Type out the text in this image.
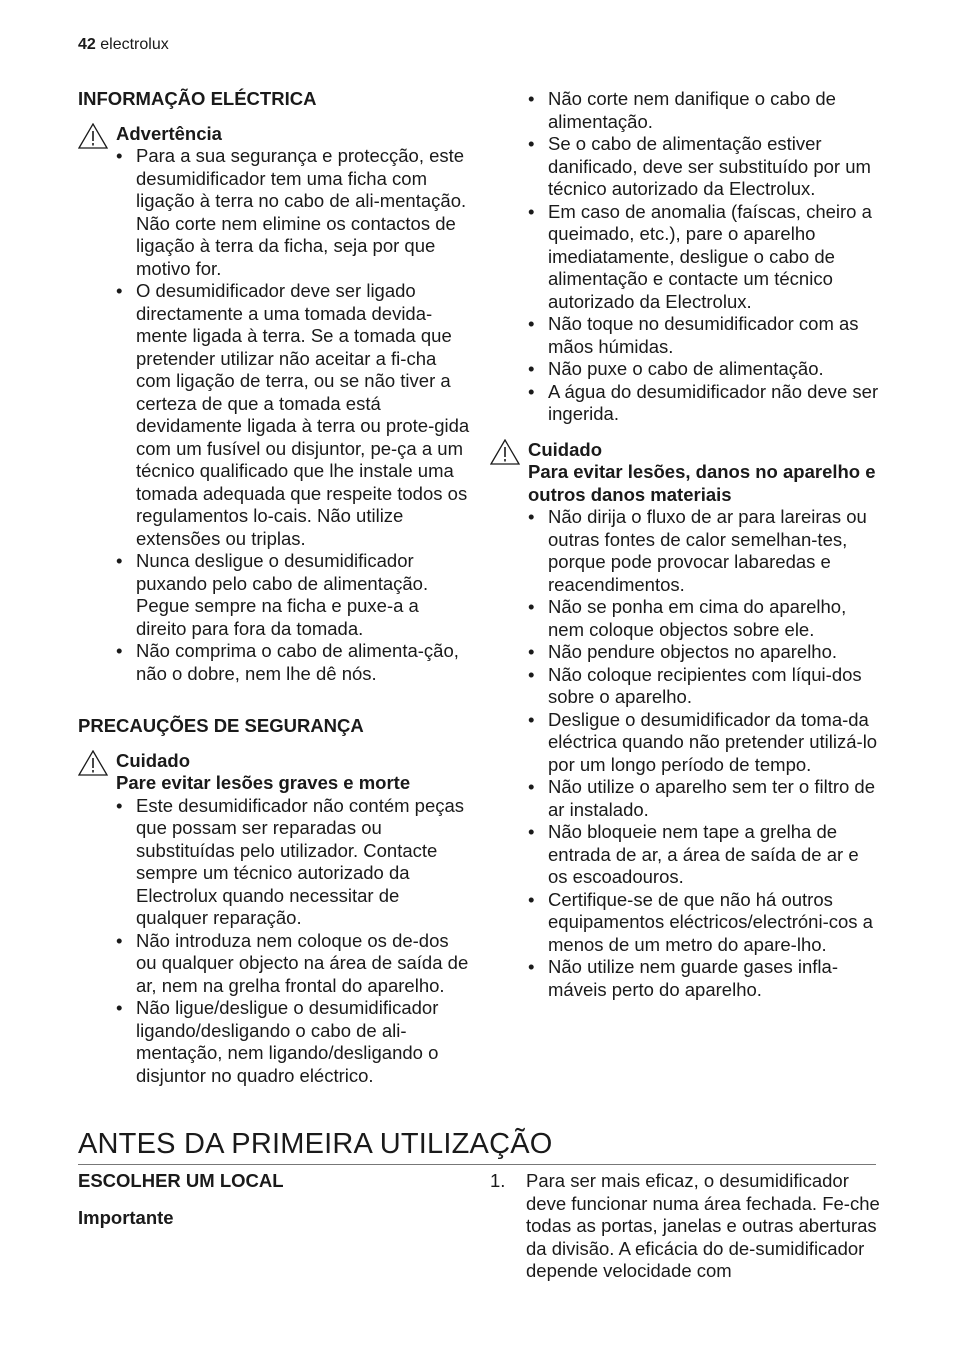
42 electrolux
INFORMAÇÃO ELÉCTRICA
Advertência
• Para a sua segurança e protecção, este desumidificador tem uma ficha com ligação à terra no cabo de ali-mentação. Não corte nem elimine os contactos de ligação à terra da ficha, seja por que motivo for.
• O desumidificador deve ser ligado directamente a uma tomada devida-mente ligada à terra. Se a tomada que pretender utilizar não aceitar a fi-cha com ligação de terra, ou se não tiver a certeza de que a tomada está devidamente ligada à terra ou prote-gida com um fusível ou disjuntor, pe-ça a um técnico qualificado que lhe instale uma tomada adequada que respeite todos os regulamentos lo-cais. Não utilize extensões ou triplas.
• Nunca desligue o desumidificador puxando pelo cabo de alimentação. Pegue sempre na ficha e puxe-a a direito para fora da tomada.
• Não comprima o cabo de alimenta-ção, não o dobre, nem lhe dê nós.
PRECAUÇÕES DE SEGURANÇA
Cuidado
Pare evitar lesões graves e morte
• Este desumidificador não contém peças que possam ser reparadas ou substituídas pelo utilizador. Contacte sempre um técnico autorizado da Electrolux quando necessitar de qualquer reparação.
• Não introduza nem coloque os de-dos ou qualquer objecto na área de saída de ar, nem na grelha frontal do aparelho.
• Não ligue/desligue o desumidificador ligando/desligando o cabo de ali-mentação, nem ligando/desligando o disjuntor no quadro eléctrico.
• Não corte nem danifique o cabo de alimentação.
• Se o cabo de alimentação estiver danificado, deve ser substituído por um técnico autorizado da Electrolux.
• Em caso de anomalia (faíscas, cheiro a queimado, etc.), pare o aparelho imediatamente, desligue o cabo de alimentação e contacte um técnico autorizado da Electrolux.
• Não toque no desumidificador com as mãos húmidas.
• Não puxe o cabo de alimentação.
• A água do desumidificador não deve ser ingerida.
Cuidado
Para evitar lesões, danos no aparelho e outros danos materiais
• Não dirija o fluxo de ar para lareiras ou outras fontes de calor semelhan-tes, porque pode provocar labaredas e reacendimentos.
• Não se ponha em cima do aparelho, nem coloque objectos sobre ele.
• Não pendure objectos no aparelho.
• Não coloque recipientes com líqui-dos sobre o aparelho.
• Desligue o desumidificador da toma-da eléctrica quando não pretender utilizá-lo por um longo período de tempo.
• Não utilize o aparelho sem ter o filtro de ar instalado.
• Não bloqueie nem tape a grelha de entrada de ar, a área de saída de ar e os escoadouros.
• Certifique-se de que não há outros equipamentos eléctricos/electróni-cos a menos de um metro do apare-lho.
• Não utilize nem guarde gases infla-máveis perto do aparelho.
ANTES DA PRIMEIRA UTILIZAÇÃO
ESCOLHER UM LOCAL
Importante
1. Para ser mais eficaz, o desumidificador deve funcionar numa área fechada. Fe-che todas as portas, janelas e outras aberturas da divisão. A eficácia do de-sumidificador depende velocidade com
